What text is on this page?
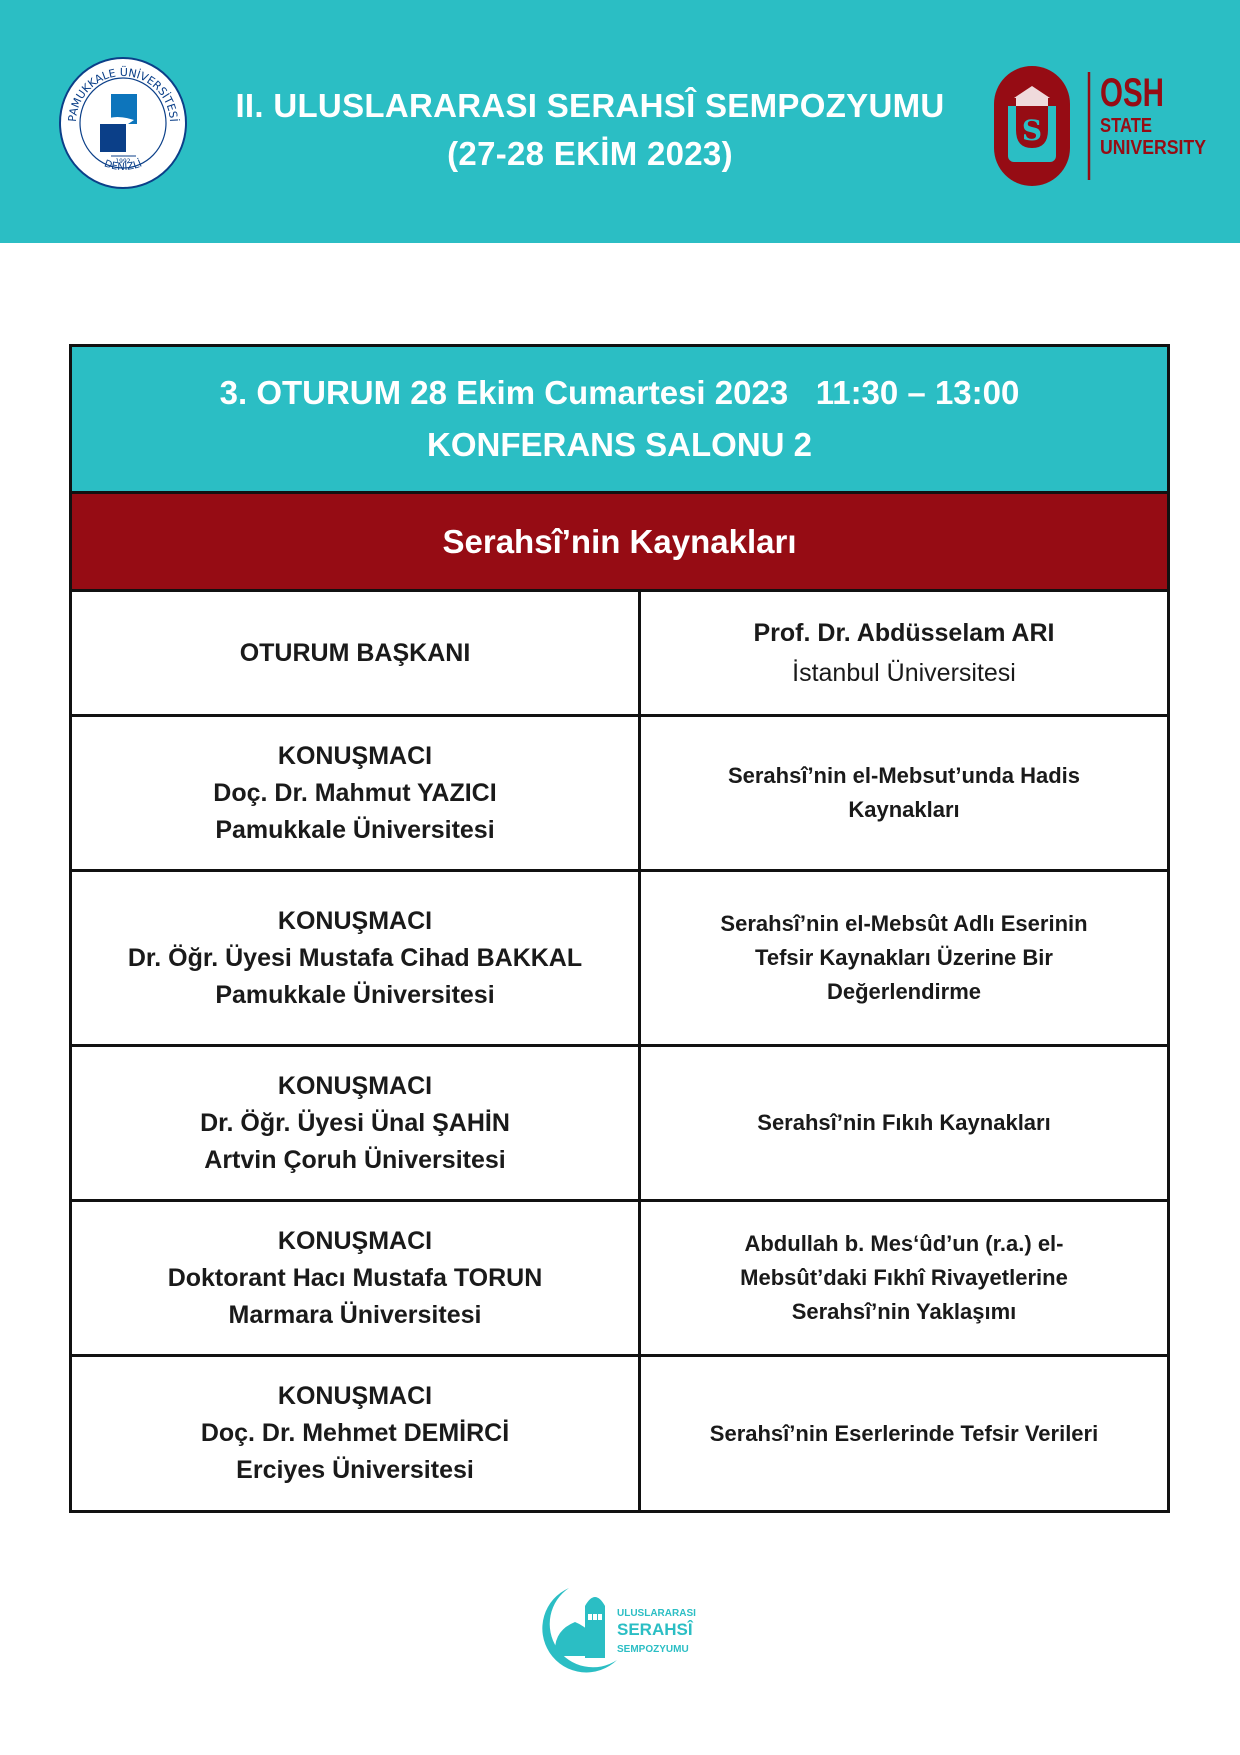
1992
PAMUKKALE ÜNİVERSİTESİ
DENİZLİ
II. ULUSLARARASI SERAHSÎ SEMPOZYUMU
(27-28 EKİM 2023)
S
OSH
STATE
UNIVERSITY
3. OTURUM 28 Ekim Cumartesi 2023   11:30 – 13:00
KONFERANS SALONU 2
Serahsî’nin Kaynakları
OTURUM BAŞKANI
Prof. Dr. Abdüsselam ARI
İstanbul Üniversitesi
KONUŞMACI
Doç. Dr. Mahmut YAZICI
Pamukkale Üniversitesi
Serahsî’nin el-Mebsut’unda Hadis
Kaynakları
KONUŞMACI
Dr. Öğr. Üyesi Mustafa Cihad BAKKAL
Pamukkale Üniversitesi
Serahsî’nin el-Mebsût Adlı Eserinin
Tefsir Kaynakları Üzerine Bir
Değerlendirme
KONUŞMACI
Dr. Öğr. Üyesi Ünal ŞAHİN
Artvin Çoruh Üniversitesi
Serahsî’nin Fıkıh Kaynakları
KONUŞMACI
Doktorant Hacı Mustafa TORUN
Marmara Üniversitesi
Abdullah b. Mes‘ûd’un (r.a.) el-
Mebsût’daki Fıkhî Rivayetlerine
Serahsî’nin Yaklaşımı
KONUŞMACI
Doç. Dr. Mehmet DEMİRCİ
Erciyes Üniversitesi
Serahsî’nin Eserlerinde Tefsir Verileri
ULUSLARARASI
SERAHSÎ
SEMPOZYUMU
